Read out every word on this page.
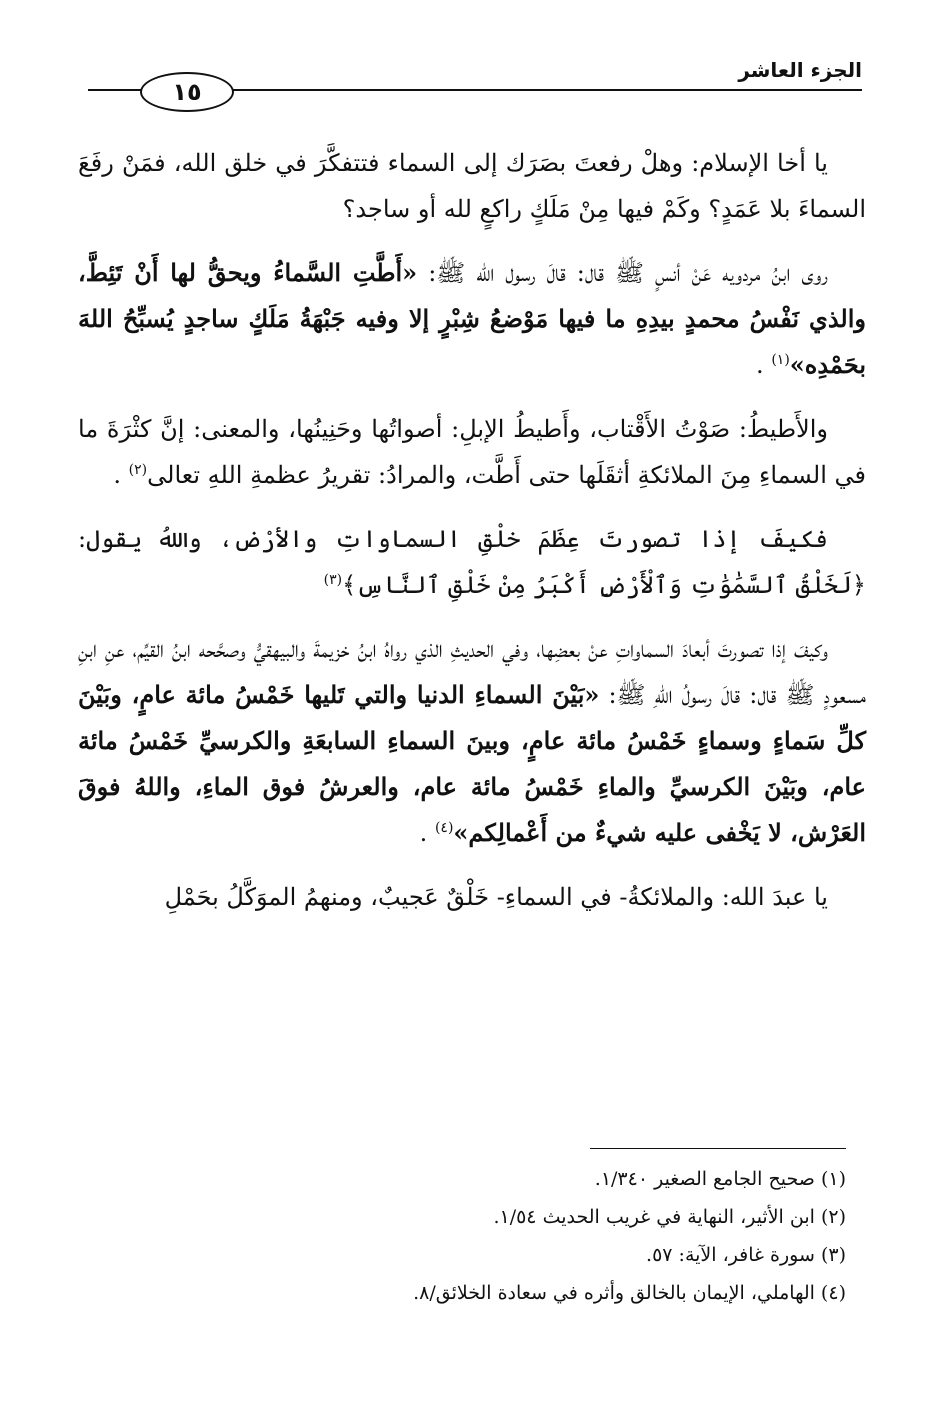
الجزء العاشر
١٥

يا أخا الإسلام: وهلْ رفعتَ بصَرَك إلى السماء فتتفكَّرَ في خلق الله، فمَنْ رفَعَ السماءَ بلا عَمَدٍ؟ وكَمْ فيها مِنْ مَلَكٍ راكعٍ لله أو ساجد؟

روى ابنُ مردويه عَنْ أنسٍ ﷺ قال: قالَ رسول الله ﷺ: «أَطَّتِ السَّماءُ ويحقُّ لها أَنْ تَئِطَّ، والذي نَفْسُ محمدٍ بيدِهِ ما فيها مَوْضعُ شِبْرٍ إلا وفيه جَبْهَةُ مَلَكٍ ساجدٍ يُسبِّحُ اللهَ بحَمْدِه»$^{(١)}$ .

والأَطيطُ: صَوْتُ الأَقْتاب، وأَطيطُ الإبلِ: أصواتُها وحَنِينُها، والمعنى: إنَّ كثْرَةَ ما في السماءِ مِنَ الملائكةِ أثقَلَها حتى أَطَّت، والمرادُ: تقريرُ عظمةِ اللهِ تعالى$^{(٢)}$ .

فكيفَ إذا تصورتَ عِظَمَ خلْقِ السماواتِ والأرْض، واللهُ يقول: ﴿لَخَلْقُ ٱلسَّمَٰوَٰتِ وَٱلْأَرْضِ أَكْبَرُ مِنْ خَلْقِ ٱلنَّاسِ﴾$^{(٣)}$

وكيفَ إذا تصورتَ أبعادَ السماواتِ عنْ بعضِها، وفي الحديثِ الذي رواهُ ابنُ خزيمةَ والبيهقيُّ وصحَّحه ابنُ القيِّم، عنِ ابنِ مسعودٍ ﷺ قال: قالَ رسولُ اللهِ ﷺ: «بَيْنَ السماءِ الدنيا والتي تَليها خَمْسُ مائة عامٍ، وبَيْنَ كلِّ سَماءٍ وسماءٍ خَمْسُ مائة عامٍ، وبينَ السماءِ السابعَةِ والكرسيِّ خَمْسُ مائة عام، وبَيْنَ الكرسيِّ والماءِ خَمْسُ مائة عام، والعرشُ فوق الماءِ، واللهُ فوقَ العَرْش، لا يَخْفى عليه شيءٌ من أَعْمالِكم»$^{(٤)}$ .

يا عبدَ الله: والملائكةُ- في السماءِ- خَلْقٌ عَجيبٌ، ومنهمُ الموَكَّلُ بحَمْلِ

(١) صحيح الجامع الصغير ١/٣٤٠.

(٢) ابن الأثير، النهاية في غريب الحديث ١/٥٤.

(٣) سورة غافر، الآية: ٥٧.

(٤) الهاملي، الإيمان بالخالق وأثره في سعادة الخلائق/٨.
